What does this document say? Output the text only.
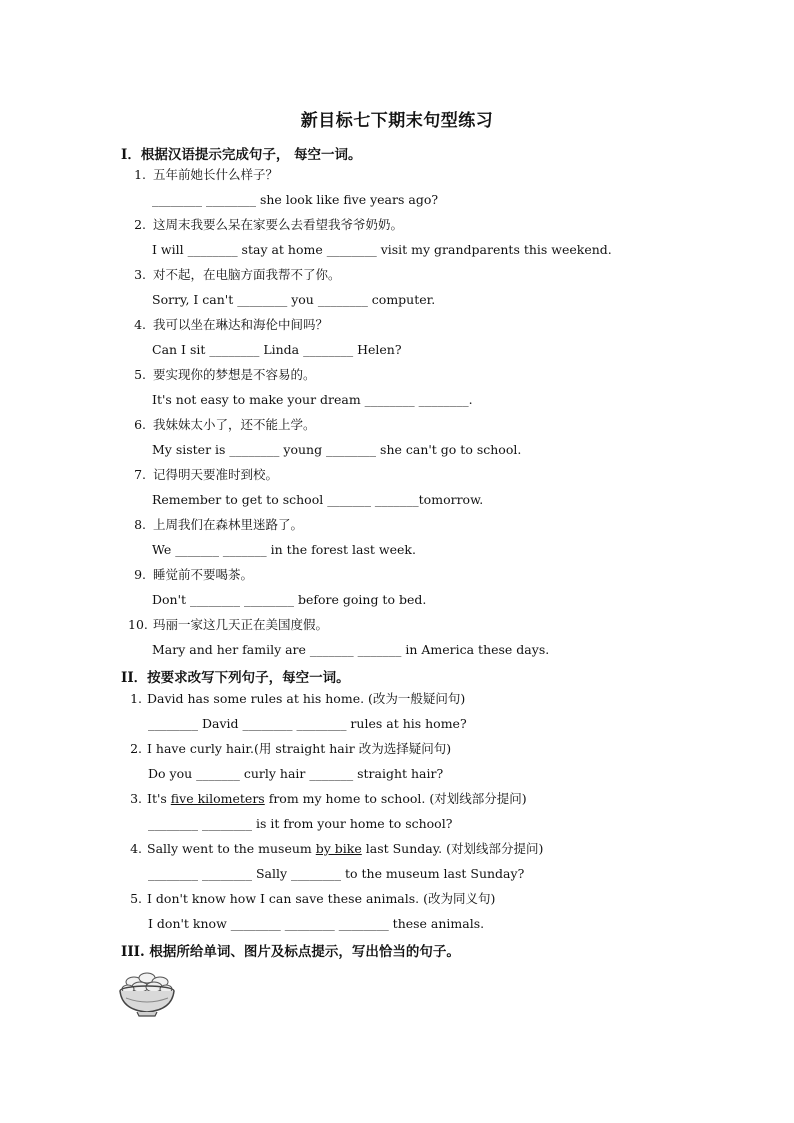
新目标七下期末句型练习
I．根据汉语提示完成句子， 每空一词。
1. 五年前她长什么样子？
________ ________ she look like five years ago?
2. 这周末我要么呆在家要么去看望我爷爷奶奶。
I will ________ stay at home ________ visit my grandparents this weekend.
3. 对不起，在电脑方面我帮不了你。
Sorry, I can't ________ you ________ computer.
4. 我可以坐在琳达和海伦中间吗？
Can I sit ________ Linda ________ Helen?
5. 要实现你的梦想是不容易的。
It's not easy to make your dream ________ ________.
6. 我妹妹太小了，还不能上学。
My sister is ________ young ________ she can't go to school.
7. 记得明天要准时到校。
Remember to get to school _______ _______tomorrow.
8. 上周我们在森林里迷路了。
We _______ _______ in the forest last week.
9. 睡觉前不要喝茶。
Don't ________ ________ before going to bed.
10. 玛丽一家这几天正在美国度假。
Mary and her family are _______ _______ in America these days.
II．按要求改写下列句子，每空一词。
1. David has some rules at his home. (改为一般疑问句)
________ David ________ ________ rules at his home?
2. I have curly hair.(用 straight hair 改为选择疑问句)
Do you _______ curly hair _______ straight hair?
3. It's five kilometers from my home to school. (对划线部分提问)
________ ________ is it from your home to school?
4. Sally went to the museum by bike last Sunday. (对划线部分提问)
________ ________ Sally ________ to the museum last Sunday?
5. I don't know how I can save these animals. (改为同义句)
I don't know ________ ________ ________ these animals.
III. 根据所给单词、图片及标点提示，写出恰当的句子。
